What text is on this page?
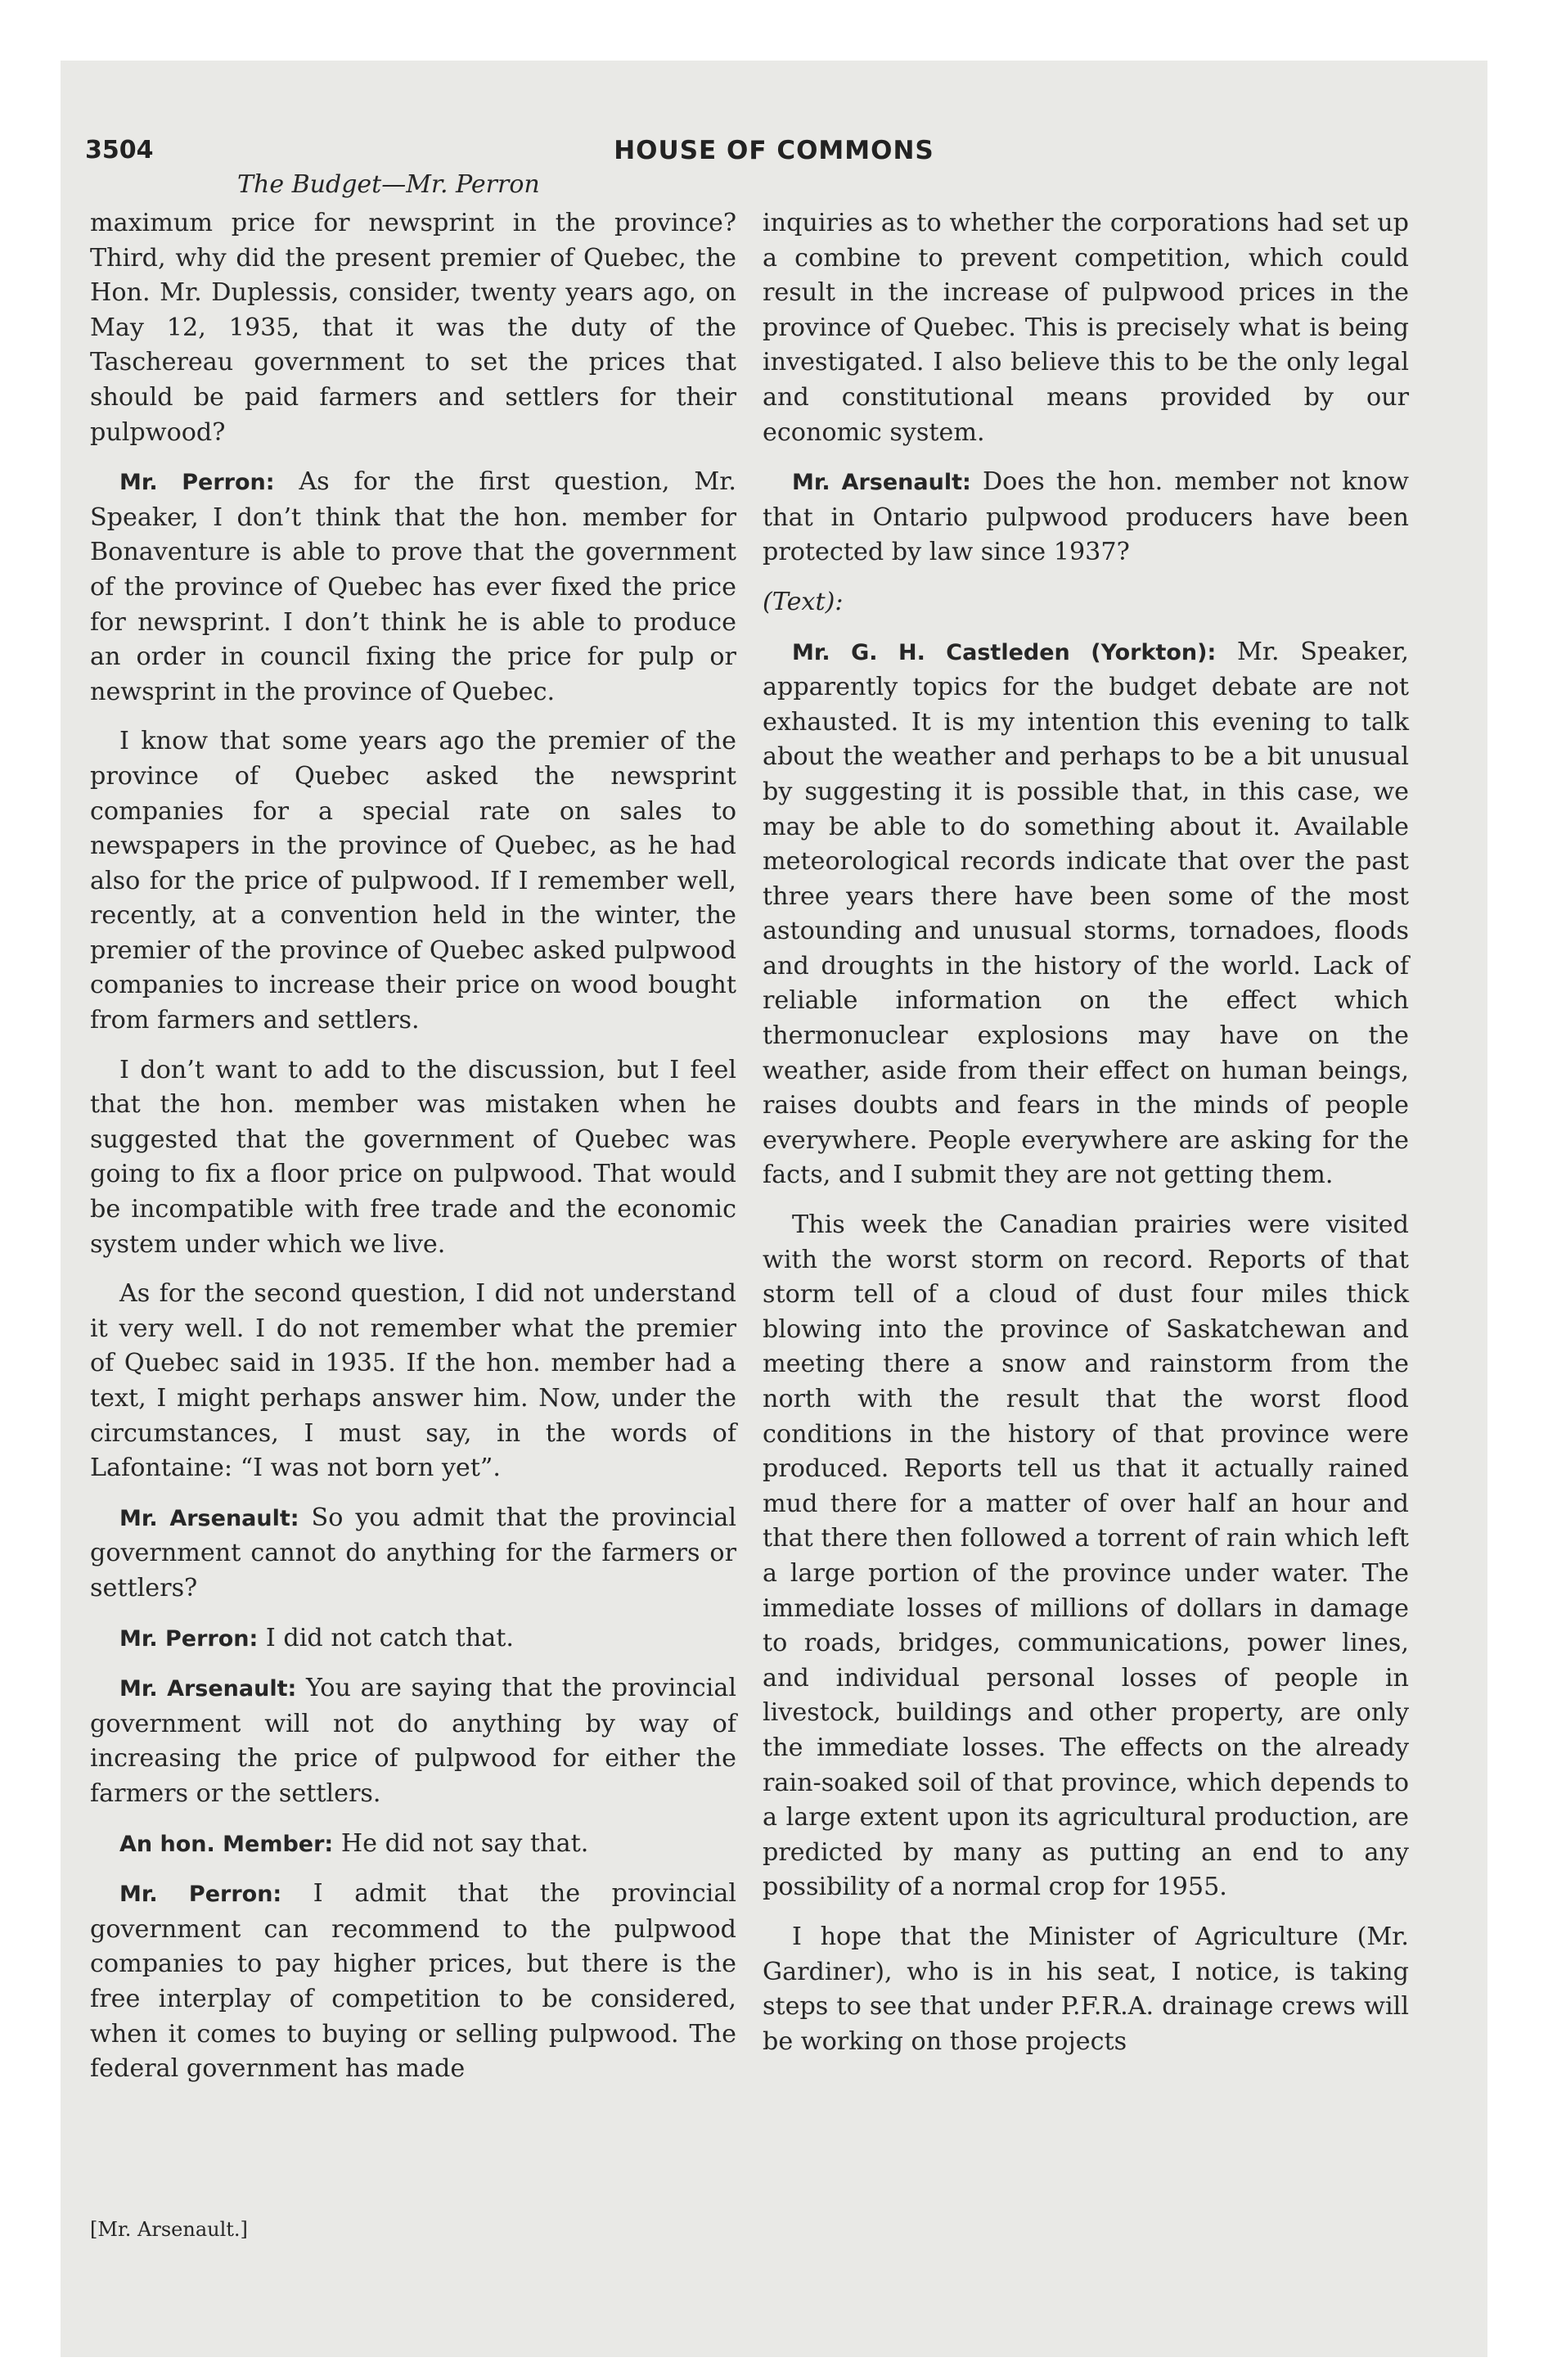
3504	HOUSE OF COMMONS
The Budget—Mr. Perron

maximum price for newsprint in the province? Third, why did the present premier of Quebec, the Hon. Mr. Duplessis, consider, twenty years ago, on May 12, 1935, that it was the duty of the Taschereau government to set the prices that should be paid farmers and settlers for their pulpwood?

Mr. Perron: As for the first question, Mr. Speaker, I don’t think that the hon. member for Bonaventure is able to prove that the government of the province of Quebec has ever fixed the price for newsprint. I don’t think he is able to produce an order in council fixing the price for pulp or newsprint in the province of Quebec.

I know that some years ago the premier of the province of Quebec asked the newsprint companies for a special rate on sales to newspapers in the province of Quebec, as he had also for the price of pulpwood. If I remember well, recently, at a convention held in the winter, the premier of the province of Quebec asked pulpwood companies to increase their price on wood bought from farmers and settlers.

I don’t want to add to the discussion, but I feel that the hon. member was mistaken when he suggested that the government of Quebec was going to fix a floor price on pulpwood. That would be incompatible with free trade and the economic system under which we live.

As for the second question, I did not understand it very well. I do not remember what the premier of Quebec said in 1935. If the hon. member had a text, I might perhaps answer him. Now, under the circumstances, I must say, in the words of Lafontaine: “I was not born yet”.

Mr. Arsenault: So you admit that the provincial government cannot do anything for the farmers or settlers?

Mr. Perron: I did not catch that.

Mr. Arsenault: You are saying that the provincial government will not do anything by way of increasing the price of pulpwood for either the farmers or the settlers.

An hon. Member: He did not say that.

Mr. Perron: I admit that the provincial government can recommend to the pulpwood companies to pay higher prices, but there is the free interplay of competition to be considered, when it comes to buying or selling pulpwood. The federal government has made

inquiries as to whether the corporations had set up a combine to prevent competition, which could result in the increase of pulpwood prices in the province of Quebec. This is precisely what is being investigated. I also believe this to be the only legal and constitutional means provided by our economic system.

Mr. Arsenault: Does the hon. member not know that in Ontario pulpwood producers have been protected by law since 1937?

(Text):

Mr. G. H. Castleden (Yorkton): Mr. Speaker, apparently topics for the budget debate are not exhausted. It is my intention this evening to talk about the weather and perhaps to be a bit unusual by suggesting it is possible that, in this case, we may be able to do something about it. Available meteorological records indicate that over the past three years there have been some of the most astounding and unusual storms, tornadoes, floods and droughts in the history of the world. Lack of reliable information on the effect which thermonuclear explosions may have on the weather, aside from their effect on human beings, raises doubts and fears in the minds of people everywhere. People everywhere are asking for the facts, and I submit they are not getting them.

This week the Canadian prairies were visited with the worst storm on record. Reports of that storm tell of a cloud of dust four miles thick blowing into the province of Saskatchewan and meeting there a snow and rainstorm from the north with the result that the worst flood conditions in the history of that province were produced. Reports tell us that it actually rained mud there for a matter of over half an hour and that there then followed a torrent of rain which left a large portion of the province under water. The immediate losses of millions of dollars in damage to roads, bridges, communications, power lines, and individual personal losses of people in livestock, buildings and other property, are only the immediate losses. The effects on the already rain-soaked soil of that province, which depends to a large extent upon its agricultural production, are predicted by many as putting an end to any possibility of a normal crop for 1955.

I hope that the Minister of Agriculture (Mr. Gardiner), who is in his seat, I notice, is taking steps to see that under P.F.R.A. drainage crews will be working on those projects

[Mr. Arsenault.]
